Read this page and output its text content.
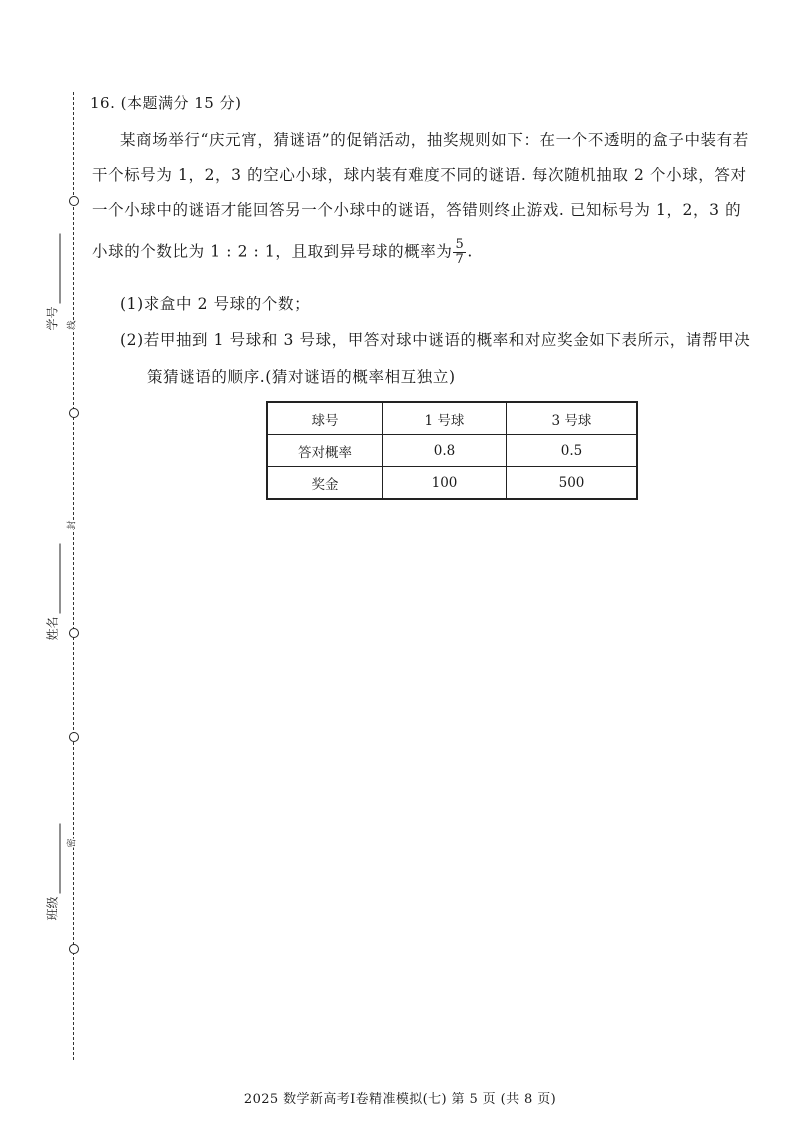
线
封
密
学号
姓名
班级
16. (本题满分 15 分)
某商场举行“庆元宵，猜谜语”的促销活动，抽奖规则如下：在一个不透明的盒子中装有若
干个标号为 1，2，3 的空心小球，球内装有难度不同的谜语. 每次随机抽取 2 个小球，答对
一个小球中的谜语才能回答另一个小球中的谜语，答错则终止游戏. 已知标号为 1，2，3 的
小球的个数比为 1 : 2 : 1，且取到异号球的概率为 $\frac{5}{7}$ .
(1)求盒中 2 号球的个数；
(2)若甲抽到 1 号球和 3 号球，甲答对球中谜语的概率和对应奖金如下表所示，请帮甲决
策猜谜语的顺序.(猜对谜语的概率相互独立)
球号	1 号球	3 号球
答对概率	0.8	0.5
奖金	100	500
2025 数学新高考Ⅰ卷精准模拟(七) 第 5 页 (共 8 页)
